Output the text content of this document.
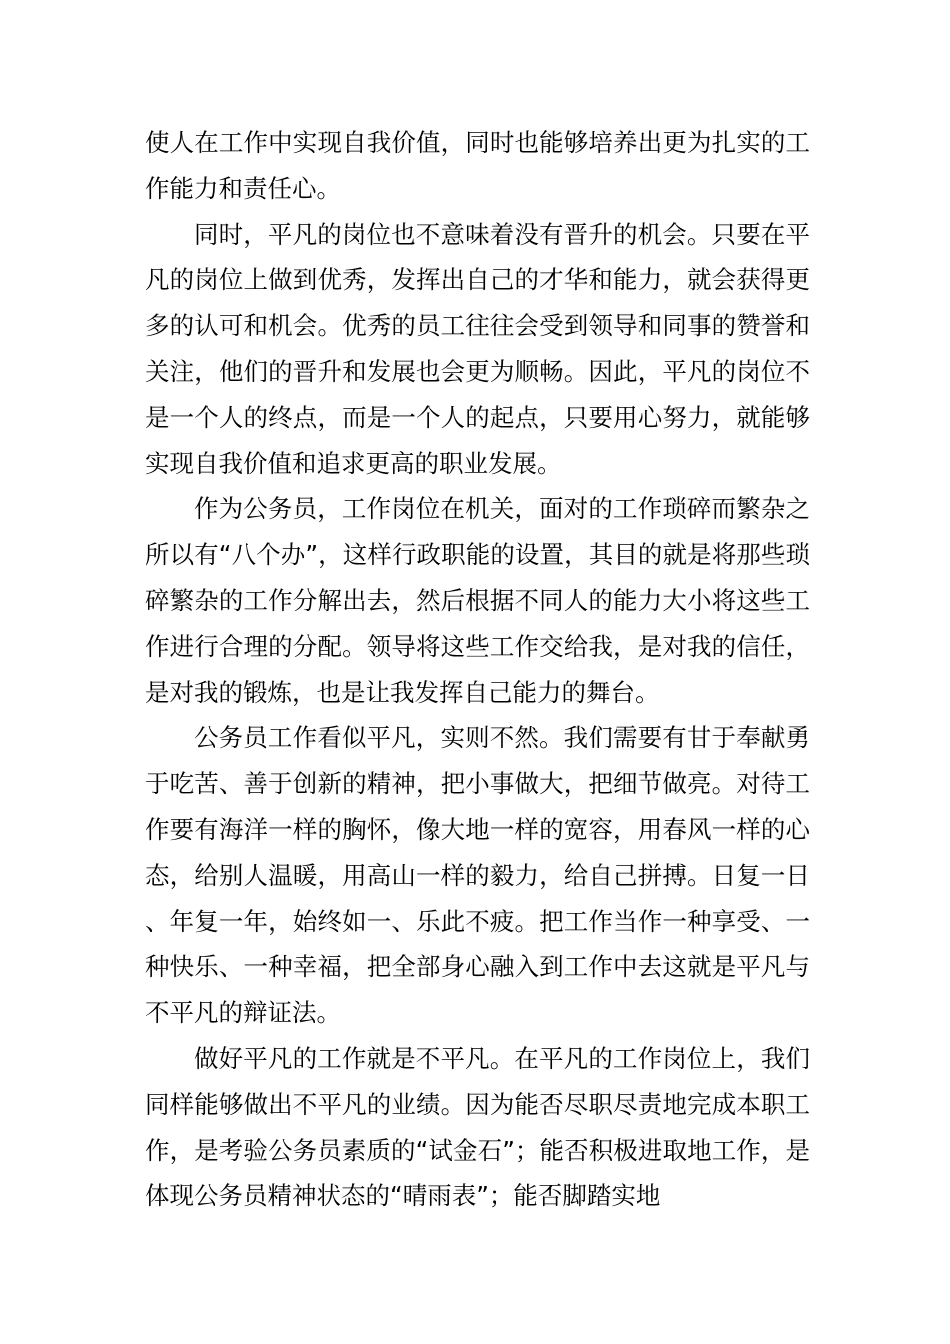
使人在工作中实现自我价值，同时也能够培养出更为扎实的工作能力和责任心。

同时，平凡的岗位也不意味着没有晋升的机会。只要在平凡的岗位上做到优秀，发挥出自己的才华和能力，就会获得更多的认可和机会。优秀的员工往往会受到领导和同事的赞誉和关注，他们的晋升和发展也会更为顺畅。因此，平凡的岗位不是一个人的终点，而是一个人的起点，只要用心努力，就能够实现自我价值和追求更高的职业发展。

作为公务员，工作岗位在机关，面对的工作琐碎而繁杂之所以有“八个办”，这样行政职能的设置，其目的就是将那些琐碎繁杂的工作分解出去，然后根据不同人的能力大小将这些工作进行合理的分配。领导将这些工作交给我，是对我的信任，是对我的锻炼，也是让我发挥自己能力的舞台。

公务员工作看似平凡，实则不然。我们需要有甘于奉献勇于吃苦、善于创新的精神，把小事做大，把细节做亮。对待工作要有海洋一样的胸怀，像大地一样的宽容，用春风一样的心态，给别人温暖，用高山一样的毅力，给自己拼搏。日复一日、年复一年，始终如一、乐此不疲。把工作当作一种享受、一种快乐、一种幸福，把全部身心融入到工作中去这就是平凡与不平凡的辩证法。

做好平凡的工作就是不平凡。在平凡的工作岗位上，我们同样能够做出不平凡的业绩。因为能否尽职尽责地完成本职工作，是考验公务员素质的“试金石”；能否积极进取地工作，是体现公务员精神状态的“晴雨表”；能否脚踏实地
